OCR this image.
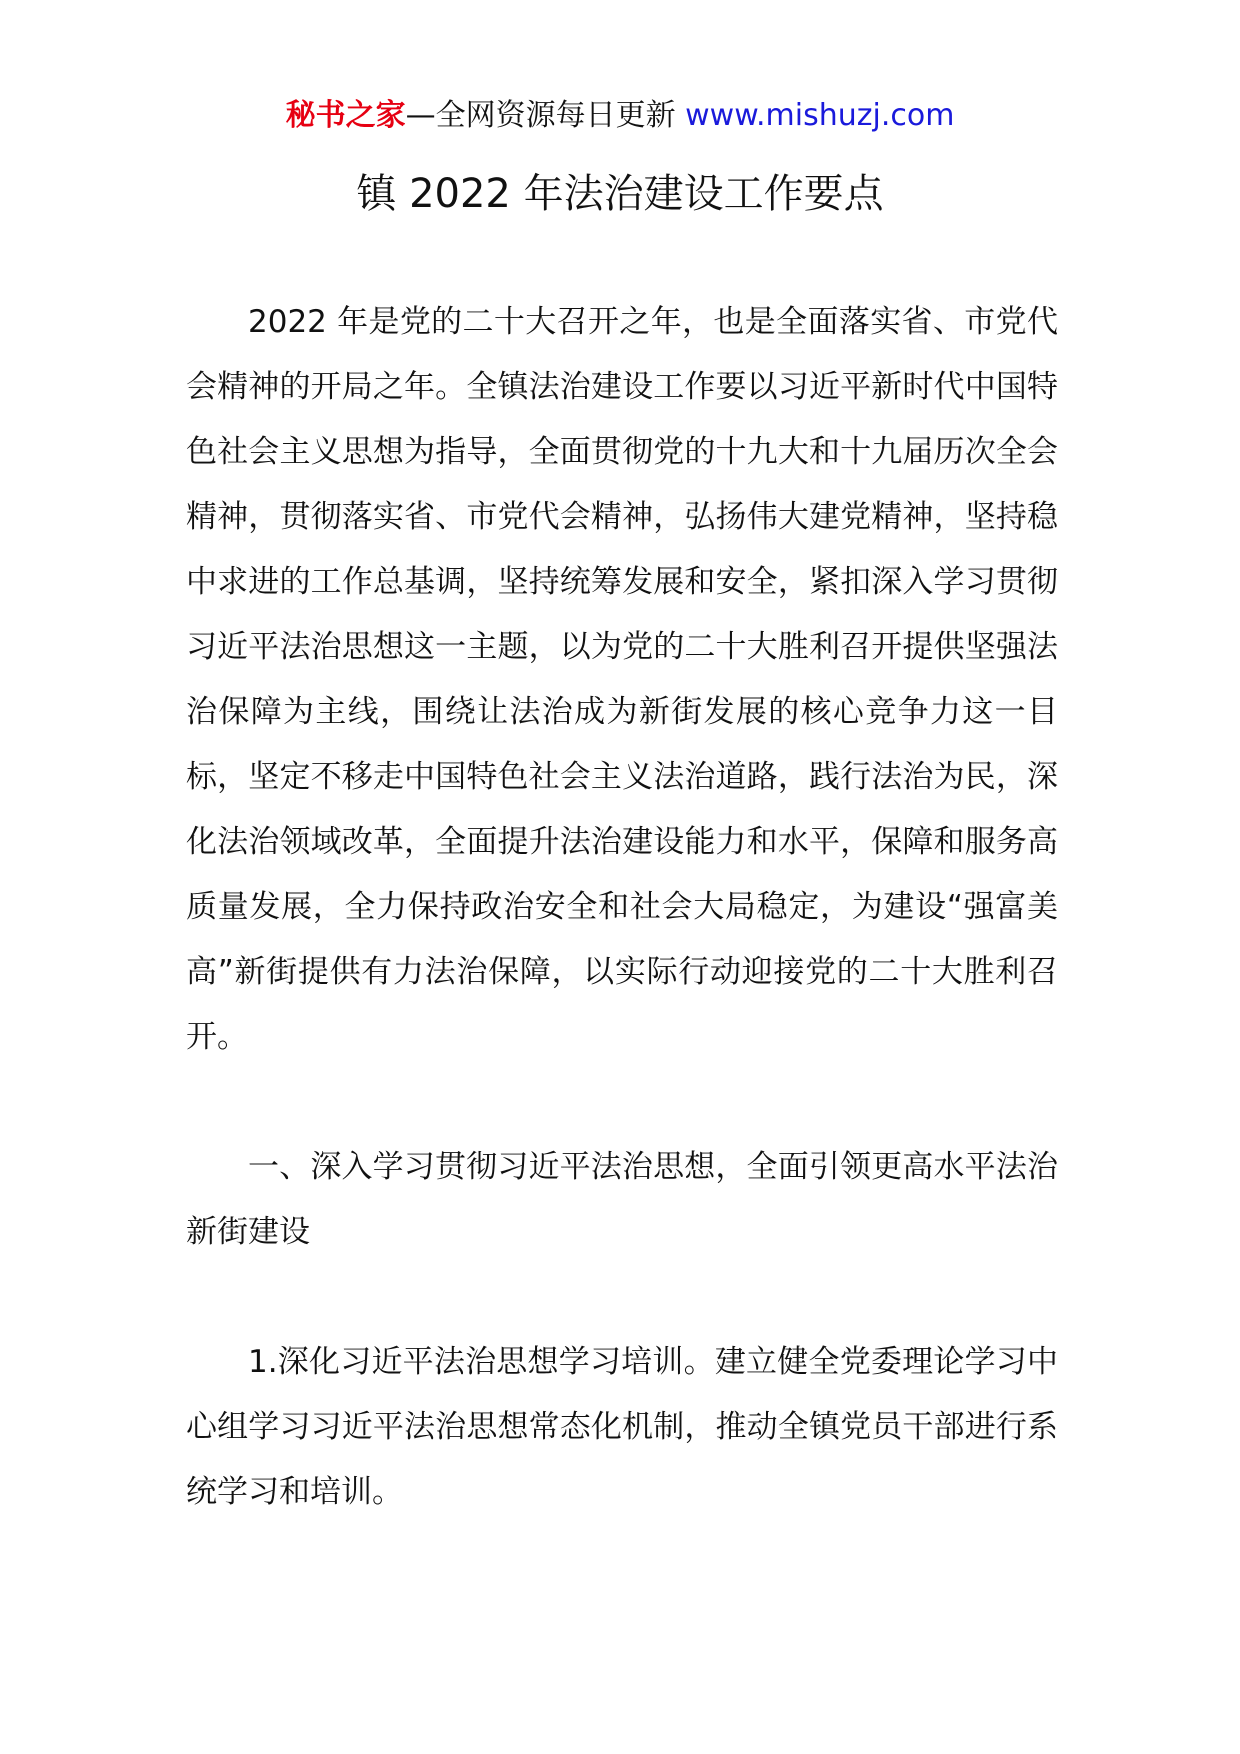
秘书之家—全网资源每日更新 www.mishuzj.com
镇 2022 年法治建设工作要点

2022 年是党的二十大召开之年，也是全面落实省、市党代会精神的开局之年。全镇法治建设工作要以习近平新时代中国特色社会主义思想为指导，全面贯彻党的十九大和十九届历次全会精神，贯彻落实省、市党代会精神，弘扬伟大建党精神，坚持稳中求进的工作总基调，坚持统筹发展和安全，紧扣深入学习贯彻习近平法治思想这一主题，以为党的二十大胜利召开提供坚强法治保障为主线，围绕让法治成为新街发展的核心竞争力这一目标，坚定不移走中国特色社会主义法治道路，践行法治为民，深化法治领域改革，全面提升法治建设能力和水平，保障和服务高质量发展，全力保持政治安全和社会大局稳定，为建设“强富美高”新街提供有力法治保障，以实际行动迎接党的二十大胜利召开。

一、深入学习贯彻习近平法治思想，全面引领更高水平法治新街建设

1.深化习近平法治思想学习培训。建立健全党委理论学习中心组学习习近平法治思想常态化机制，推动全镇党员干部进行系统学习和培训。
